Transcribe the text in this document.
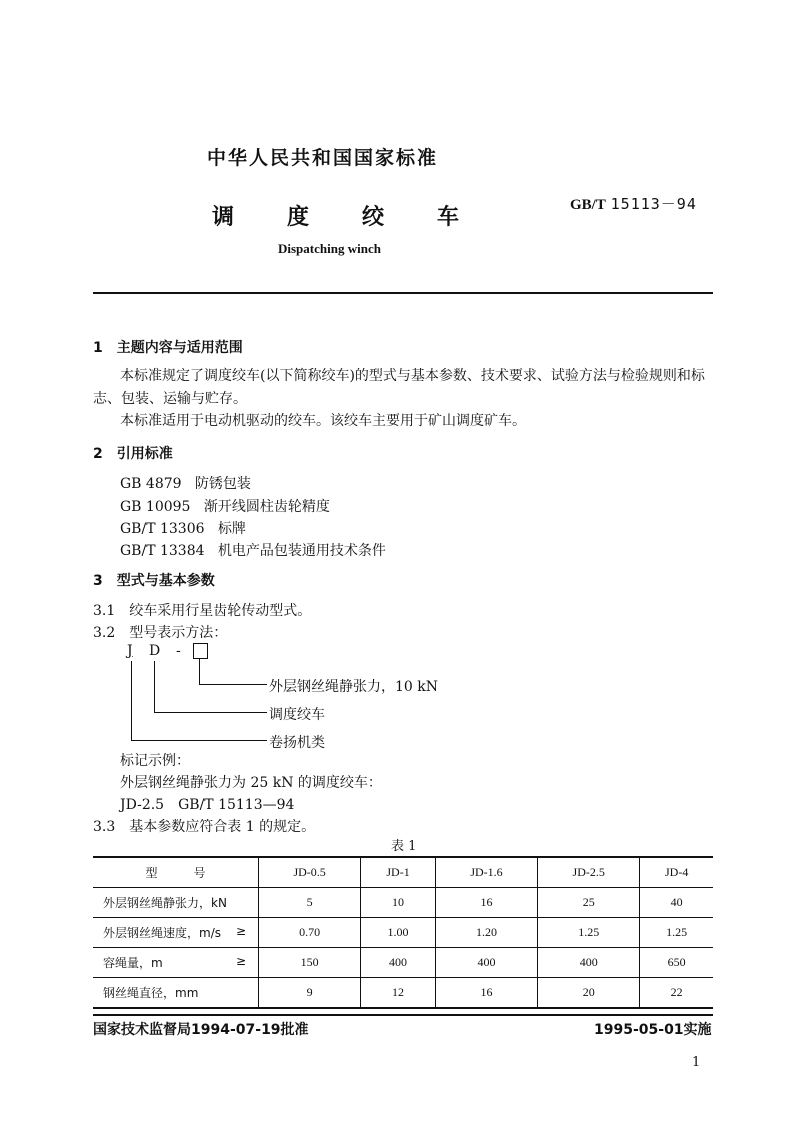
中华人民共和国国家标准
GB/T 15113－94
调度绞车
Dispatching winch
1　主题内容与适用范围
本标准规定了调度绞车(以下简称绞车)的型式与基本参数、技术要求、试验方法与检验规则和标
志、包装、运输与贮存。
本标准适用于电动机驱动的绞车。该绞车主要用于矿山调度矿车。
2　引用标准
GB 4879 防锈包装
GB 10095 渐开线圆柱齿轮精度
GB/T 13306 标牌
GB/T 13384 机电产品包装通用技术条件
3　型式与基本参数
3.1　绞车采用行星齿轮传动型式。
3.2　型号表示方法：
J D -
外层钢丝绳静张力，10 kN
调度绞车
卷扬机类
标记示例：
外层钢丝绳静张力为 25 kN 的调度绞车：
JD-2.5　GB/T 15113—94
3.3　基本参数应符合表 1 的规定。
表 1
型　　　号	JD-0.5	JD-1	JD-1.6	JD-2.5	JD-4
外层钢丝绳静张力，kN	5	10	16	25	40
外层钢丝绳速度，m/s ≥	0.70	1.00	1.20	1.25	1.25
容绳量，m ≥	150	400	400	400	650
钢丝绳直径，mm	9	12	16	20	22
国家技术监督局1994-07-19批准	1995-05-01实施
1
